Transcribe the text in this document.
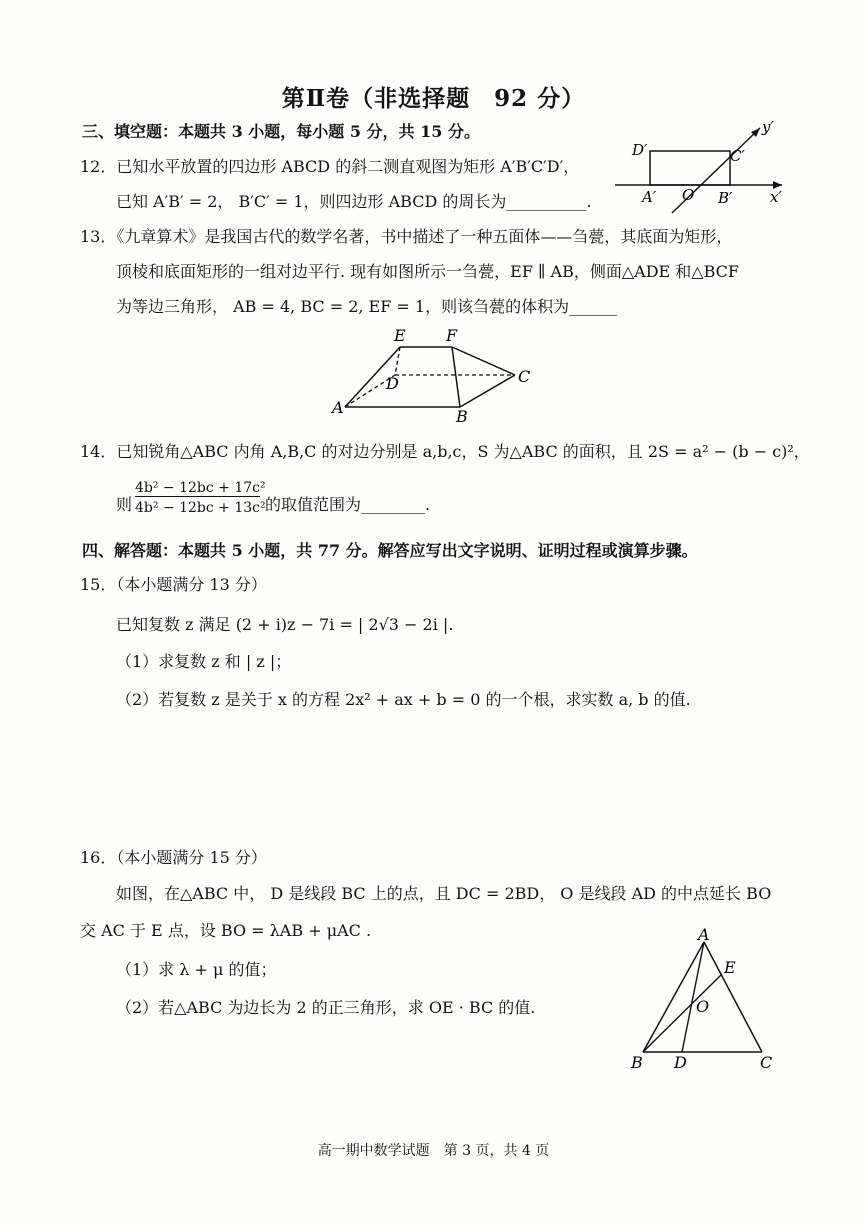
第Ⅱ卷（非选择题　92 分）
三、填空题：本题共 3 小题，每小题 5 分，共 15 分。
12．已知水平放置的四边形 ABCD 的斜二测直观图为矩形 A′B′C′D′，
已知 A′B′ = 2， B′C′ = 1，则四边形 ABCD 的周长为__________.
D′	C′
A′ O′ B′	x′
y′
13．《九章算术》是我国古代的数学名著，书中描述了一种五面体——刍甍，其底面为矩形，
顶棱和底面矩形的一组对边平行. 现有如图所示一刍甍，EF ∥ AB，侧面△ADE 和△BCF
为等边三角形， AB = 4, BC = 2, EF = 1，则该刍甍的体积为______
E	F
D	C
A	B
14．已知锐角△ABC 内角 A,B,C 的对边分别是 a,b,c，S 为△ABC 的面积，且 2S = a² − (b − c)²，
则
4b² − 12bc + 17c²
4b² − 12bc + 13c² 的取值范围为________.
四、解答题：本题共 5 小题，共 77 分。解答应写出文字说明、证明过程或演算步骤。
15．（本小题满分 13 分）
已知复数 z 满足 (2 + i)z − 7i = | 2√3 − 2i |.
（1）求复数 z 和 | z |；
（2）若复数 z 是关于 x 的方程 2x² + ax + b = 0 的一个根，求实数 a, b 的值.
16．（本小题满分 15 分）
如图，在△ABC 中， D 是线段 BC 上的点，且 DC = 2BD， O 是线段 AD 的中点延长 BO
交 AC 于 E 点，设 BO = λAB + μAC .
（1）求 λ + μ 的值；
（2）若△ABC 为边长为 2 的正三角形，求 OE · BC 的值.
A
E
O
B D	C
高一期中数学试题　第 3 页，共 4 页
